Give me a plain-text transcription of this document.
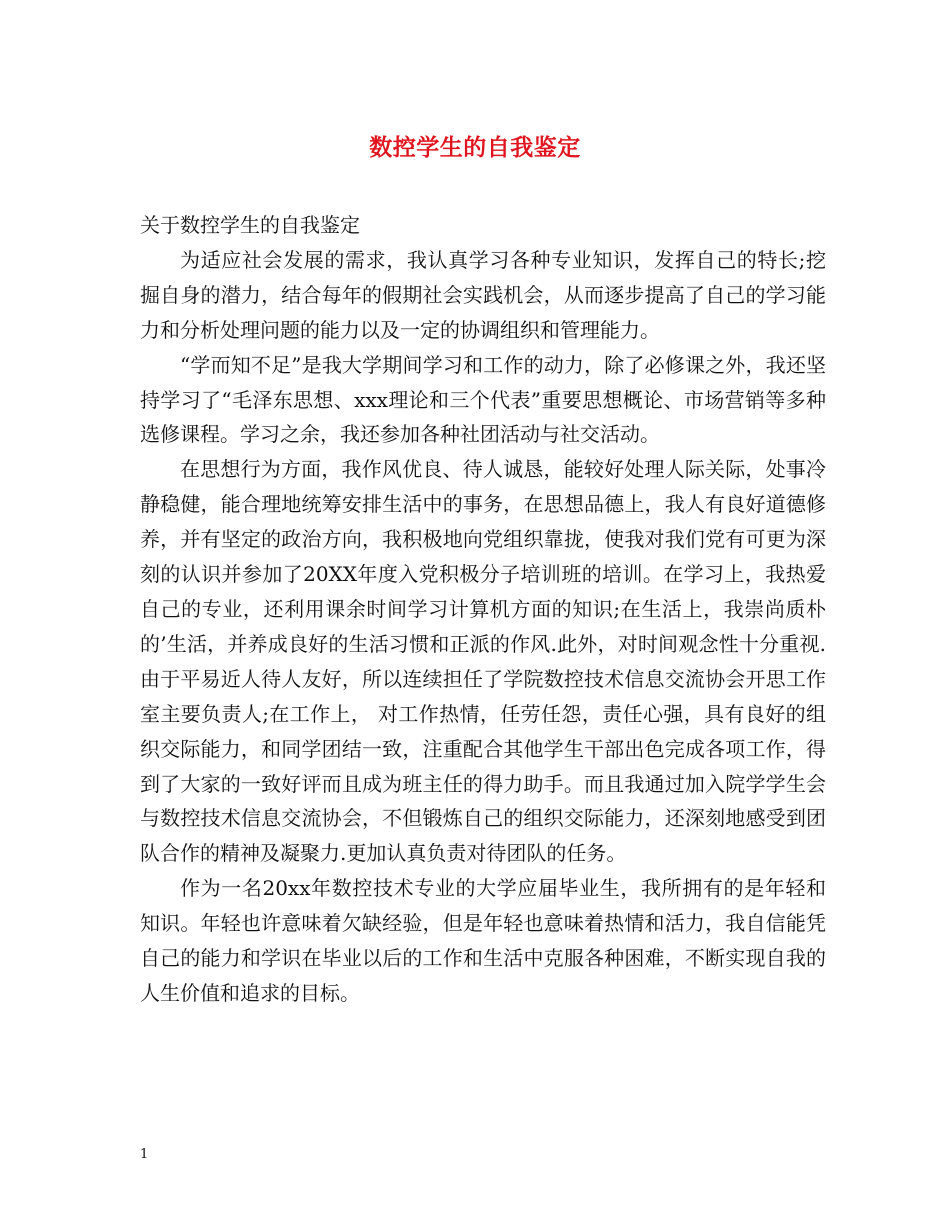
数控学生的自我鉴定

关于数控学生的自我鉴定

为适应社会发展的需求，我认真学习各种专业知识，发挥自己的特长;挖掘自身的潜力，结合每年的假期社会实践机会，从而逐步提高了自己的学习能力和分析处理问题的能力以及一定的协调组织和管理能力。

“学而知不足”是我大学期间学习和工作的动力，除了必修课之外，我还坚持学习了“毛泽东思想、xxx理论和三个代表”重要思想概论、市场营销等多种选修课程。学习之余，我还参加各种社团活动与社交活动。

在思想行为方面，我作风优良、待人诚恳，能较好处理人际关际，处事冷静稳健，能合理地统筹安排生活中的事务，在思想品德上，我人有良好道德修养，并有坚定的政治方向，我积极地向党组织靠拢，使我对我们党有可更为深刻的认识并参加了20XX年度入党积极分子培训班的培训。在学习上，我热爱自己的专业，还利用课余时间学习计算机方面的知识;在生活上，我崇尚质朴的’生活，并养成良好的生活习惯和正派的作风.此外，对时间观念性十分重视.由于平易近人待人友好，所以连续担任了学院数控技术信息交流协会开思工作室主要负责人;在工作上， 对工作热情，任劳任怨，责任心强，具有良好的组织交际能力，和同学团结一致，注重配合其他学生干部出色完成各项工作，得到了大家的一致好评而且成为班主任的得力助手。而且我通过加入院学学生会与数控技术信息交流协会，不但锻炼自己的组织交际能力，还深刻地感受到团队合作的精神及凝聚力.更加认真负责对待团队的任务。

作为一名20xx年数控技术专业的大学应届毕业生，我所拥有的是年轻和知识。年轻也许意味着欠缺经验，但是年轻也意味着热情和活力，我自信能凭自己的能力和学识在毕业以后的工作和生活中克服各种困难，不断实现自我的人生价值和追求的目标。

1
